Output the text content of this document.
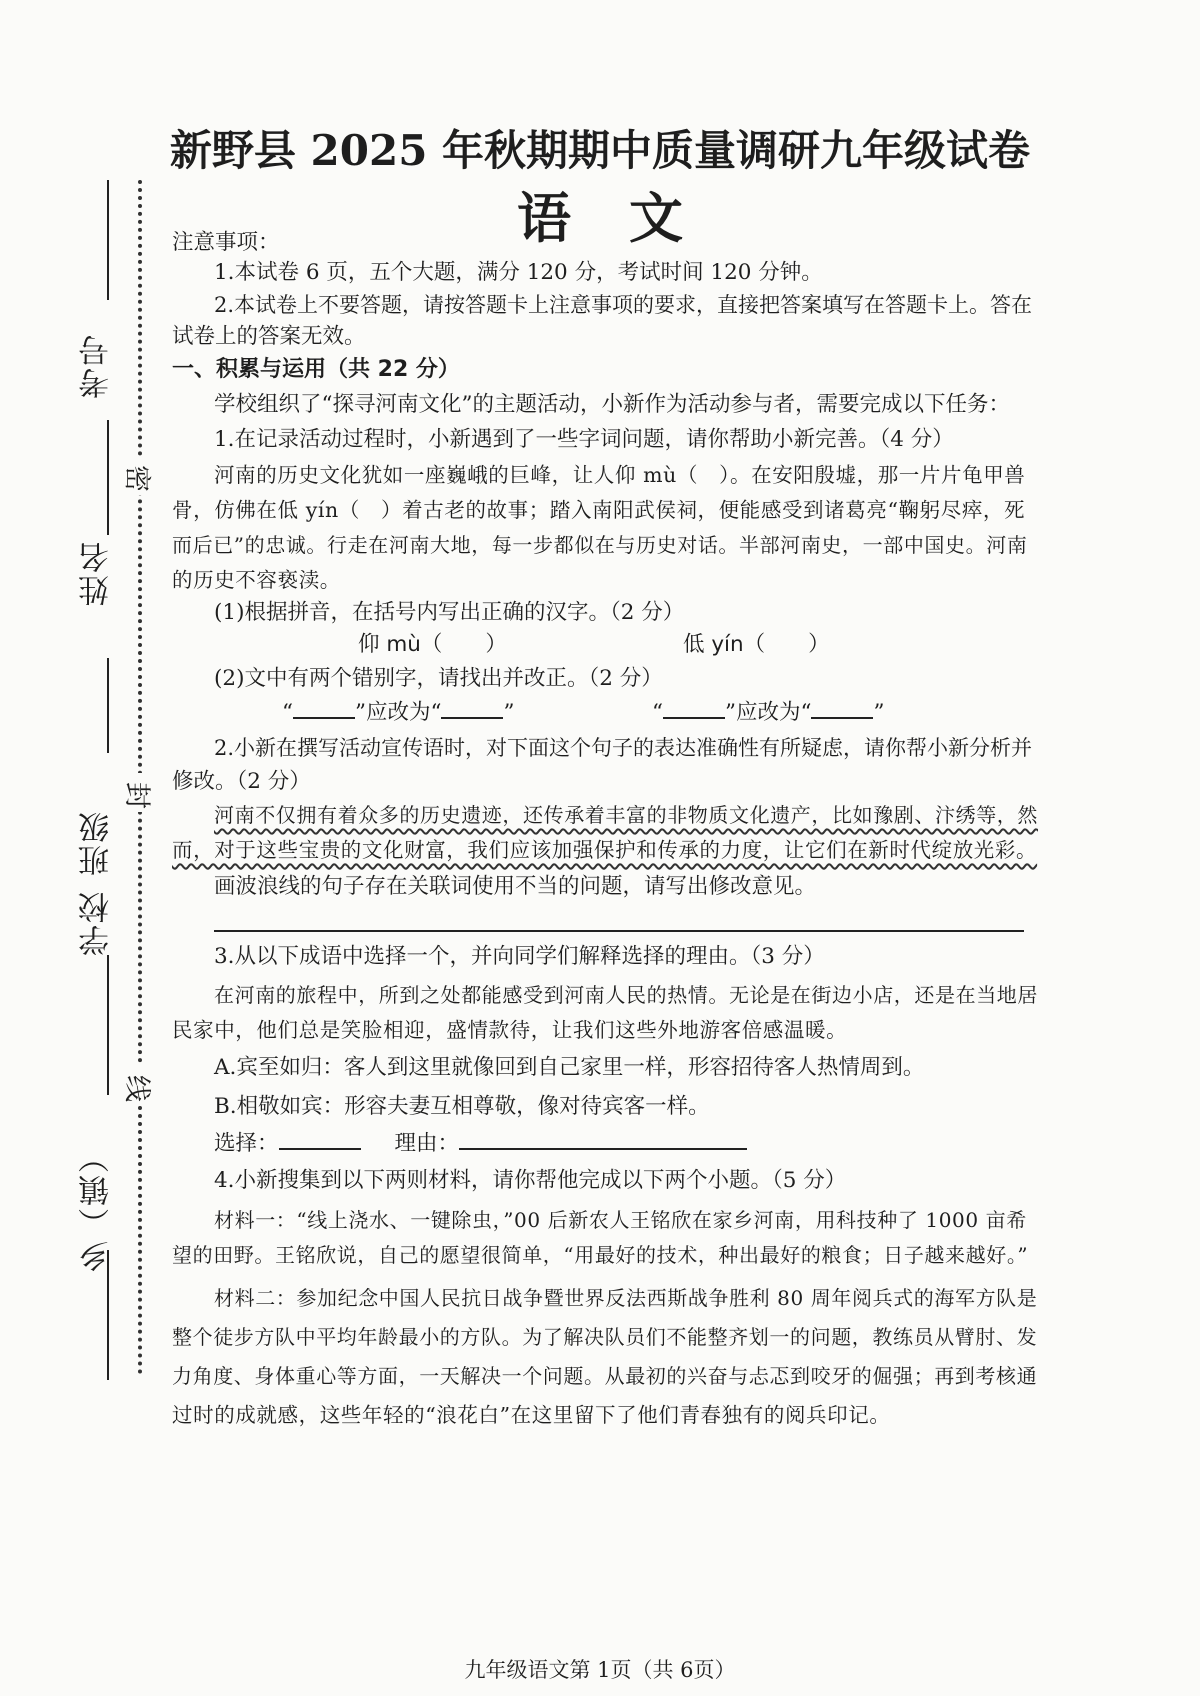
考号
姓名
班级
学校
乡（镇）
密
封
线
新野县 2025 年秋期期中质量调研九年级试卷
语文
注意事项：
1.本试卷 6 页，五个大题，满分 120 分，考试时间 120 分钟。
2.本试卷上不要答题，请按答题卡上注意事项的要求，直接把答案填写在答题卡上。答在
试卷上的答案无效。
一、积累与运用（共 22 分）
学校组织了“探寻河南文化”的主题活动，小新作为活动参与者，需要完成以下任务：
1.在记录活动过程时，小新遇到了一些字词问题，请你帮助小新完善。（4 分）
河南的历史文化犹如一座巍峨的巨峰，让人仰 mù（　）。在安阳殷墟，那一片片龟甲兽
骨，仿佛在低 yín（　）着古老的故事；踏入南阳武侯祠，便能感受到诸葛亮“鞠躬尽瘁，死
而后已”的忠诚。行走在河南大地，每一步都似在与历史对话。半部河南史，一部中国史。河南
的历史不容亵渎。
(1)根据拼音，在括号内写出正确的汉字。（2 分）
仰 mù（　　）	低 yín（　　）
(2)文中有两个错别字，请找出并改正。（2 分）
“	”应改为“	”	“	”应改为“	”
2.小新在撰写活动宣传语时，对下面这个句子的表达准确性有所疑虑，请你帮小新分析并
修改。（2 分）
河南不仅拥有着众多的历史遗迹，还传承着丰富的非物质文化遗产，比如豫剧、汴绣等，然
而，对于这些宝贵的文化财富，我们应该加强保护和传承的力度，让它们在新时代绽放光彩。
画波浪线的句子存在关联词使用不当的问题，请写出修改意见。
3.从以下成语中选择一个，并向同学们解释选择的理由。（3 分）
在河南的旅程中，所到之处都能感受到河南人民的热情。无论是在街边小店，还是在当地居
民家中，他们总是笑脸相迎，盛情款待，让我们这些外地游客倍感温暖。
A.宾至如归：客人到这里就像回到自己家里一样，形容招待客人热情周到。
B.相敬如宾：形容夫妻互相尊敬，像对待宾客一样。
选择：	理由：
4.小新搜集到以下两则材料，请你帮他完成以下两个小题。（5 分）
材料一：“线上浇水、一键除虫，”00 后新农人王铭欣在家乡河南，用科技种了 1000 亩希
望的田野。王铭欣说，自己的愿望很简单，“用最好的技术，种出最好的粮食；日子越来越好。”
材料二：参加纪念中国人民抗日战争暨世界反法西斯战争胜利 80 周年阅兵式的海军方队是
整个徒步方队中平均年龄最小的方队。为了解决队员们不能整齐划一的问题，教练员从臂肘、发
力角度、身体重心等方面，一天解决一个问题。从最初的兴奋与忐忑到咬牙的倔强；再到考核通
过时的成就感，这些年轻的“浪花白”在这里留下了他们青春独有的阅兵印记。
九年级语文第 1页（共 6页）
